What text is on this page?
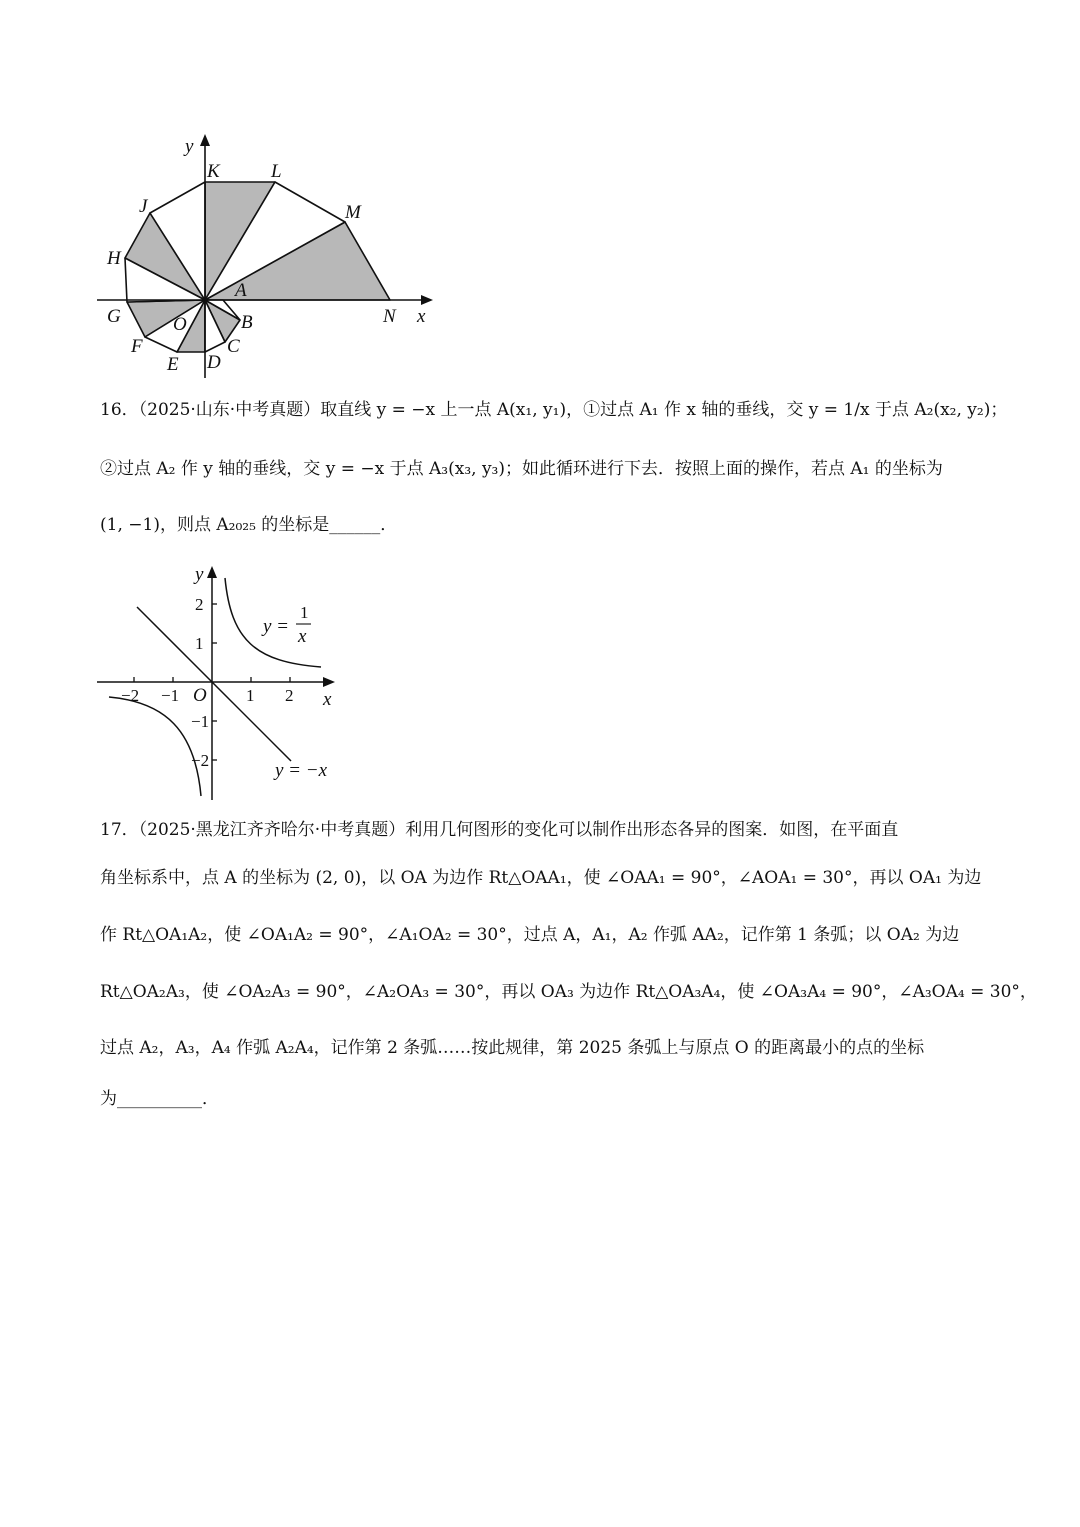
x
y
K	L
J	M
H
A
N
G	O	B
C
F
D
E
16．（2025·山东·中考真题）取直线 y = −x 上一点 A(x₁, y₁)，①过点 A₁ 作 x 轴的垂线，交 y = 1/x 于点 A₂(x₂, y₂)；
②过点 A₂ 作 y 轴的垂线，交 y = −x 于点 A₃(x₃, y₃)；如此循环进行下去．按照上面的操作，若点 A₁ 的坐标为
(1, −1)，则点 A₂₀₂₅ 的坐标是______．
−2 −1	1 2
2
1
−1
−2
O	x
y
y =
1
x
y = −x
17．（2025·黑龙江齐齐哈尔·中考真题）利用几何图形的变化可以制作出形态各异的图案．如图，在平面直
角坐标系中，点 A 的坐标为 (2, 0)，以 OA 为边作 Rt△OAA₁，使 ∠OAA₁ = 90°，∠AOA₁ = 30°，再以 OA₁ 为边
作 Rt△OA₁A₂，使 ∠OA₁A₂ = 90°，∠A₁OA₂ = 30°，过点 A，A₁，A₂ 作弧 AA₂，记作第 1 条弧；以 OA₂ 为边
Rt△OA₂A₃，使 ∠OA₂A₃ = 90°，∠A₂OA₃ = 30°，再以 OA₃ 为边作 Rt△OA₃A₄，使 ∠OA₃A₄ = 90°，∠A₃OA₄ = 30°，
过点 A₂，A₃，A₄ 作弧 A₂A₄，记作第 2 条弧……按此规律，第 2025 条弧上与原点 O 的距离最小的点的坐标
为__________．
